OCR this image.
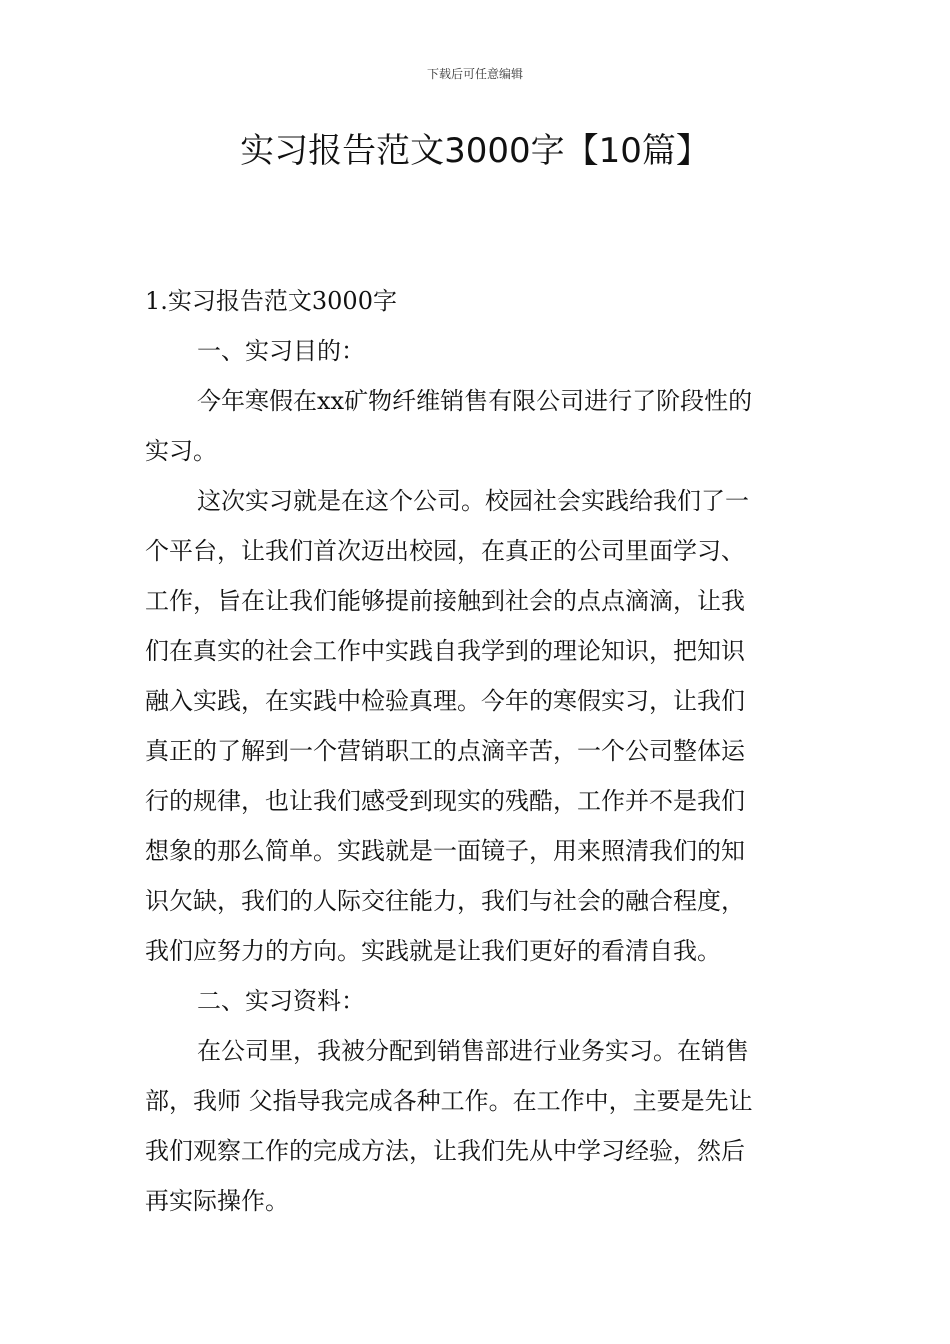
下载后可任意编辑
实习报告范文3000字【10篇】
1.实习报告范文3000字
一、实习目的：
今年寒假在xx矿物纤维销售有限公司进行了阶段性的
实习。
这次实习就是在这个公司。校园社会实践给我们了一
个平台，让我们首次迈出校园，在真正的公司里面学习、
工作，旨在让我们能够提前接触到社会的点点滴滴，让我
们在真实的社会工作中实践自我学到的理论知识，把知识
融入实践，在实践中检验真理。今年的寒假实习，让我们
真正的了解到一个营销职工的点滴辛苦，一个公司整体运
行的规律，也让我们感受到现实的残酷，工作并不是我们
想象的那么简单。实践就是一面镜子，用来照清我们的知
识欠缺，我们的人际交往能力，我们与社会的融合程度，
我们应努力的方向。实践就是让我们更好的看清自我。
二、实习资料：
在公司里，我被分配到销售部进行业务实习。在销售
部，我师 父指导我完成各种工作。在工作中，主要是先让
我们观察工作的完成方法，让我们先从中学习经验，然后
再实际操作。
